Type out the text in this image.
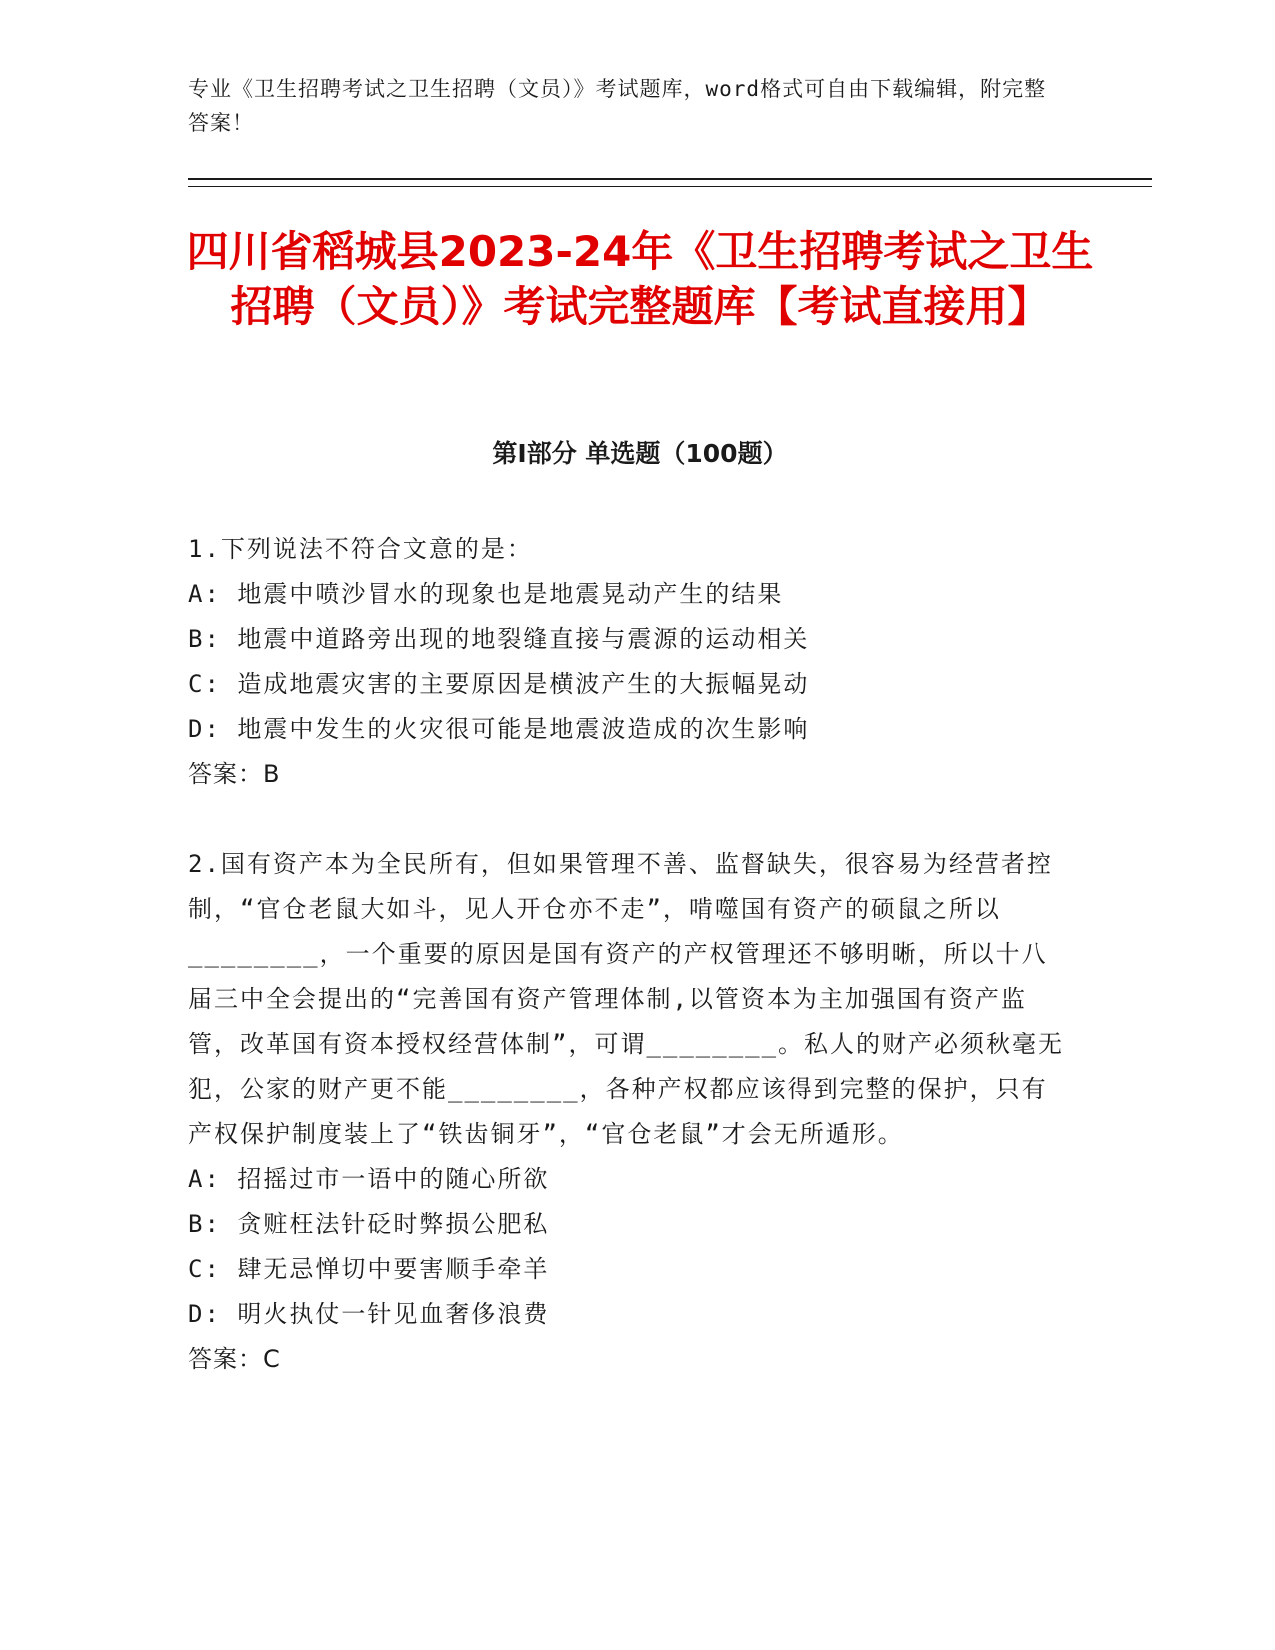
专业《卫生招聘考试之卫生招聘（文员）》考试题库，word格式可自由下载编辑，附完整答案！
四川省稻城县2023-24年《卫生招聘考试之卫生招聘（文员）》考试完整题库【考试直接用】
第Ⅰ部分 单选题（100题）

1.下列说法不符合文意的是：

A: 地震中喷沙冒水的现象也是地震晃动产生的结果

B: 地震中道路旁出现的地裂缝直接与震源的运动相关

C: 造成地震灾害的主要原因是横波产生的大振幅晃动

D: 地震中发生的火灾很可能是地震波造成的次生影响

答案：B

2.国有资产本为全民所有，但如果管理不善、监督缺失，很容易为经营者控制，“官仓老鼠大如斗，见人开仓亦不走”，啃噬国有资产的硕鼠之所以________，一个重要的原因是国有资产的产权管理还不够明晰，所以十八届三中全会提出的“完善国有资产管理体制,以管资本为主加强国有资产监管，改革国有资本授权经营体制”，可谓________。私人的财产必须秋毫无犯，公家的财产更不能________，各种产权都应该得到完整的保护，只有产权保护制度装上了“铁齿铜牙”，“官仓老鼠”才会无所遁形。

A: 招摇过市一语中的随心所欲

B: 贪赃枉法针砭时弊损公肥私

C: 肆无忌惮切中要害顺手牵羊

D: 明火执仗一针见血奢侈浪费

答案：C
